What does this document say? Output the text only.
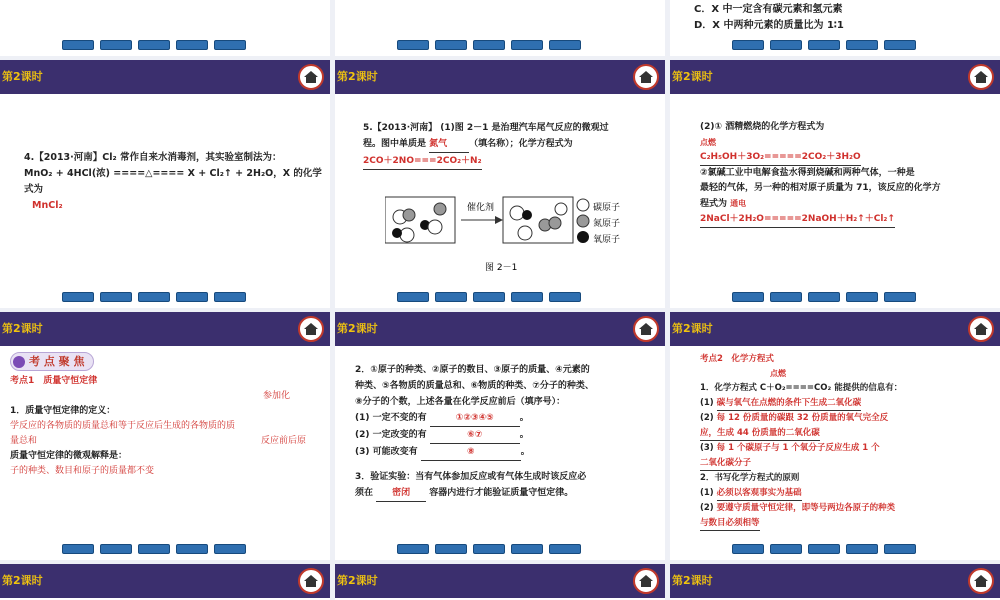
C．X 中一定含有碳元素和氢元素
D．X 中两种元素的质量比为 1∶1
第2课时
4.【2013·河南】Cl₂ 常作自来水消毒剂，其实验室制法为：
MnO₂ + 4HCl(浓) ====△==== X + Cl₂↑ + 2H₂O，X 的化学式为
MnCl₂
第2课时
5.【2013·河南】 (1)图 2－1 是治理汽车尾气反应的微观过
程。图中单质是 氮气 （填名称）；化学方程式为
2CO＋2NO===2CO₂＋N₂
催化剂	碳原子
氮原子
氧原子
图 2－1
第2课时
(2)① 酒精燃烧的化学方程式为
点燃
C₂H₅OH＋3O₂=====2CO₂＋3H₂O
②氯碱工业中电解食盐水得到烧碱和两种气体，一种是
最轻的气体，另一种的相对原子质量为 71，该反应的化学方
程式为 通电
2NaCl＋2H₂O=====2NaOH＋H₂↑＋Cl₂↑
第2课时
考 点 聚 焦
考点1　质量守恒定律
参加化
1．质量守恒定律的定义：
学反应的各物质的质量总和等于反应后生成的各物质的质
量总和	反应前后原
质量守恒定律的微观解释是：
子的种类、数目和原子的质量都不变
第2课时
2．①原子的种类、②原子的数目、③原子的质量、④元素的
种类、⑤各物质的质量总和、⑥物质的种类、⑦分子的种类、
⑧分子的个数，上述各量在化学反应前后（填序号）：
(1) 一定不变的有	①②③④⑤	。
(2) 一定改变的有	⑥⑦	。
(3) 可能改变有	⑧	。
3．验证实验：当有气体参加反应或有气体生成时该反应必
须在 密闭 容器内进行才能验证质量守恒定律。
第2课时
考点2　化学方程式
点燃
1．化学方程式 C＋O₂====CO₂ 能提供的信息有：
(1) 碳与氧气在点燃的条件下生成二氧化碳
(2) 每 12 份质量的碳跟 32 份质量的氧气完全反
应，生成 44 份质量的二氧化碳
(3) 每 1 个碳原子与 1 个氧分子反应生成 1 个
二氧化碳分子
2．书写化学方程式的原则
(1) 必须以客观事实为基础
(2) 要遵守质量守恒定律，即等号两边各原子的种类
与数目必须相等
第2课时	第2课时	第2课时
